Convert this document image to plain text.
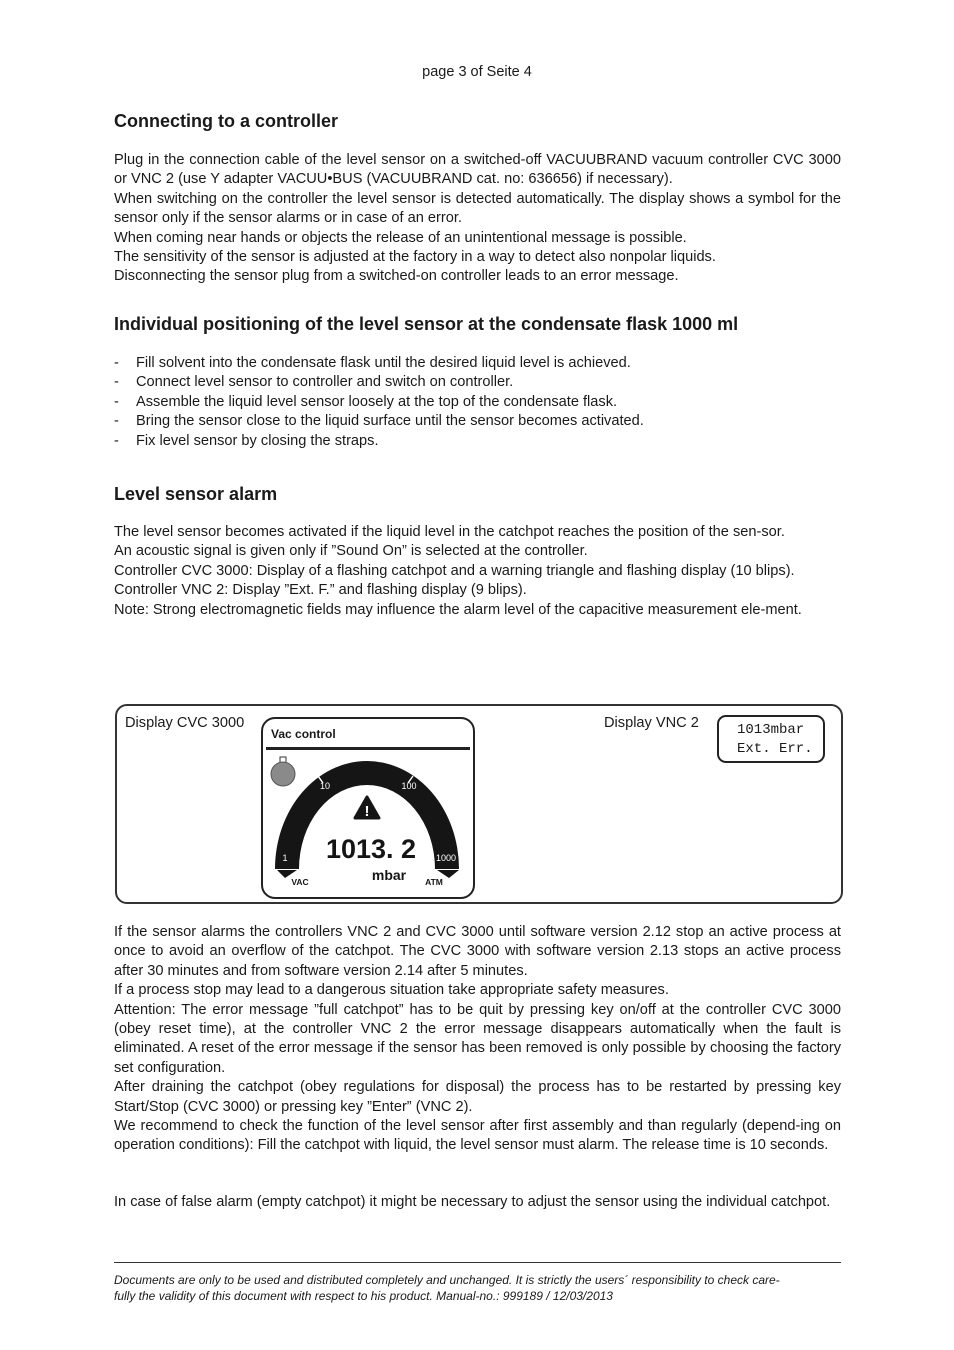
page 3 of Seite 4
Connecting to a controller

Plug in the connection cable of the level sensor on a switched-off VACUUBRAND vacuum controller CVC 3000 or VNC 2 (use Y adapter VACUU•BUS (VACUUBRAND cat. no: 636656) if necessary).

When switching on the controller the level sensor is detected automatically. The display shows a symbol for the sensor only if the sensor alarms or in case of an error.

When coming near hands or objects the release of an unintentional message is possible.

The sensitivity of the sensor is adjusted at the factory in a way to detect also nonpolar liquids.

Disconnecting the sensor plug from a switched-on controller leads to an error message.

Individual positioning of the level sensor at the condensate flask 1000 ml
- Fill solvent into the condensate flask until the desired liquid level is achieved.
- Connect level sensor to controller and switch on controller.
- Assemble the liquid level sensor loosely at the top of the condensate flask.
- Bring the sensor close to the liquid surface until the sensor becomes activated.
- Fix level sensor by closing the straps.
Level sensor alarm

The level sensor becomes activated if the liquid level in the catchpot reaches the position of the sen-sor.

An acoustic signal is given only if ”Sound On” is selected at the controller.

Controller CVC 3000: Display of a flashing catchpot and a warning triangle and flashing display (10 blips).

Controller VNC 2: Display ”Ext. F.” and flashing display (9 blips).

Note: Strong electromagnetic fields may influence the alarm level of the capacitive measurement ele-ment.

Display CVC 3000	Display VNC 2
Vac control
!
10	100
1	1000
1013. 2
mbar
VAC	ATM
1013mbar
Ext. Err.

If the sensor alarms the controllers VNC 2 and CVC 3000 until software version 2.12 stop an active process at once to avoid an overflow of the catchpot. The CVC 3000 with software version 2.13 stops an active process after 30 minutes and from software version 2.14 after 5 minutes.

If a process stop may lead to a dangerous situation take appropriate safety measures.

Attention: The error message ”full catchpot” has to be quit by pressing key on/off at the controller CVC 3000 (obey reset time), at the controller VNC 2 the error message disappears automatically when the fault is eliminated. A reset of the error message if the sensor has been removed is only possible by choosing the factory set configuration.

After draining the catchpot (obey regulations for disposal) the process has to be restarted by pressing key Start/Stop (CVC 3000) or pressing key ”Enter” (VNC 2).

We recommend to check the function of the level sensor after first assembly and than regularly (depend-ing on operation conditions): Fill the catchpot with liquid, the level sensor must alarm. The release time is 10 seconds.

In case of false alarm (empty catchpot) it might be necessary to adjust the sensor using the individual catchpot.

Documents are only to be used and distributed completely and unchanged. It is strictly the users´ responsibility to check care-

fully the validity of this document with respect to his product. Manual-no.: 999189 / 12/03/2013
